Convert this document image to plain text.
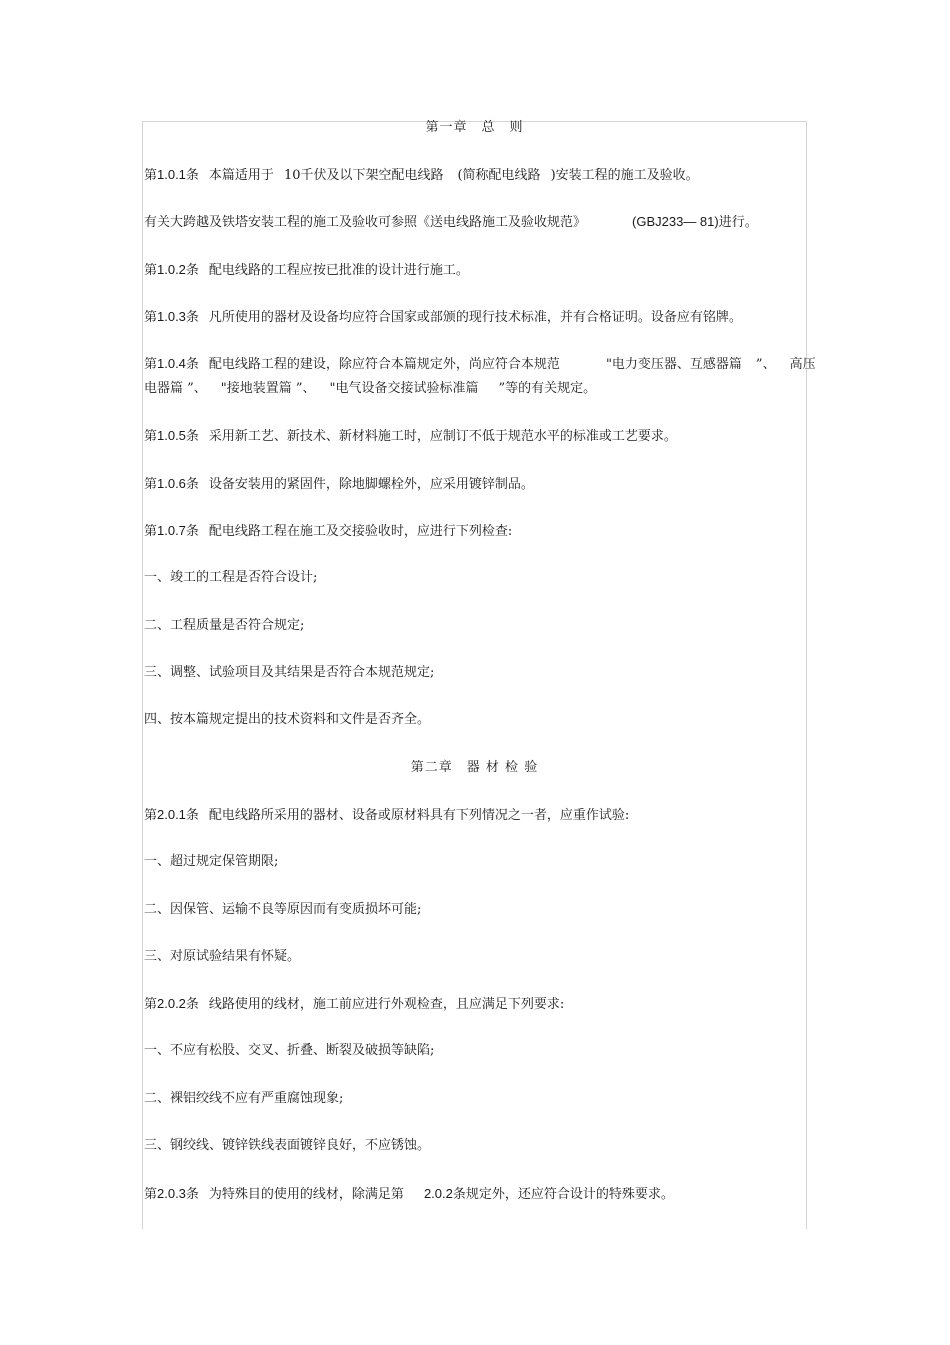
第一章　总　则
第1.0.1条 本篇适用于 10千伏及以下架空配电线路 (简称配电线路 )安装工程的施工及验收。
有关大跨越及铁塔安装工程的施工及验收可参照《送电线路施工及验收规范》	(GBJ233— 81)进行。
第1.0.2条 配电线路的工程应按已批准的设计进行施工。
第1.0.3条 凡所使用的器材及设备均应符合国家或部颁的现行技术标准，并有合格证明。设备应有铭牌。
第1.0.4条 配电线路工程的建设，除应符合本篇规定外，尚应符合本规范	"电力变压器、互感器篇 ”、 高压
电器篇 ”、 "接地装置篇 ”、 "电气设备交接试验标准篇 ”等的有关规定。
第1.0.5条 采用新工艺、新技术、新材料施工时，应制订不低于规范水平的标准或工艺要求。
第1.0.6条 设备安装用的紧固件，除地脚螺栓外，应采用镀锌制品。
第1.0.7条 配电线路工程在施工及交接验收时，应进行下列检查:
一、竣工的工程是否符合设计;
二、工程质量是否符合规定;
三、调整、试验项目及其结果是否符合本规范规定;
四、按本篇规定提出的技术资料和文件是否齐全。
第二章　器 材 检 验
第2.0.1条 配电线路所采用的器材、设备或原材料具有下列情况之一者，应重作试验:
一、超过规定保管期限;
二、因保管、运输不良等原因而有变质损坏可能;
三、对原试验结果有怀疑。
第2.0.2条 线路使用的线材，施工前应进行外观检查，且应满足下列要求:
一、不应有松股、交叉、折叠、断裂及破损等缺陷;
二、裸铝绞线不应有严重腐蚀现象;
三、钢绞线、镀锌铁线表面镀锌良好，不应锈蚀。
第2.0.3条 为特殊目的使用的线材，除满足第 2.0.2条规定外，还应符合设计的特殊要求。
